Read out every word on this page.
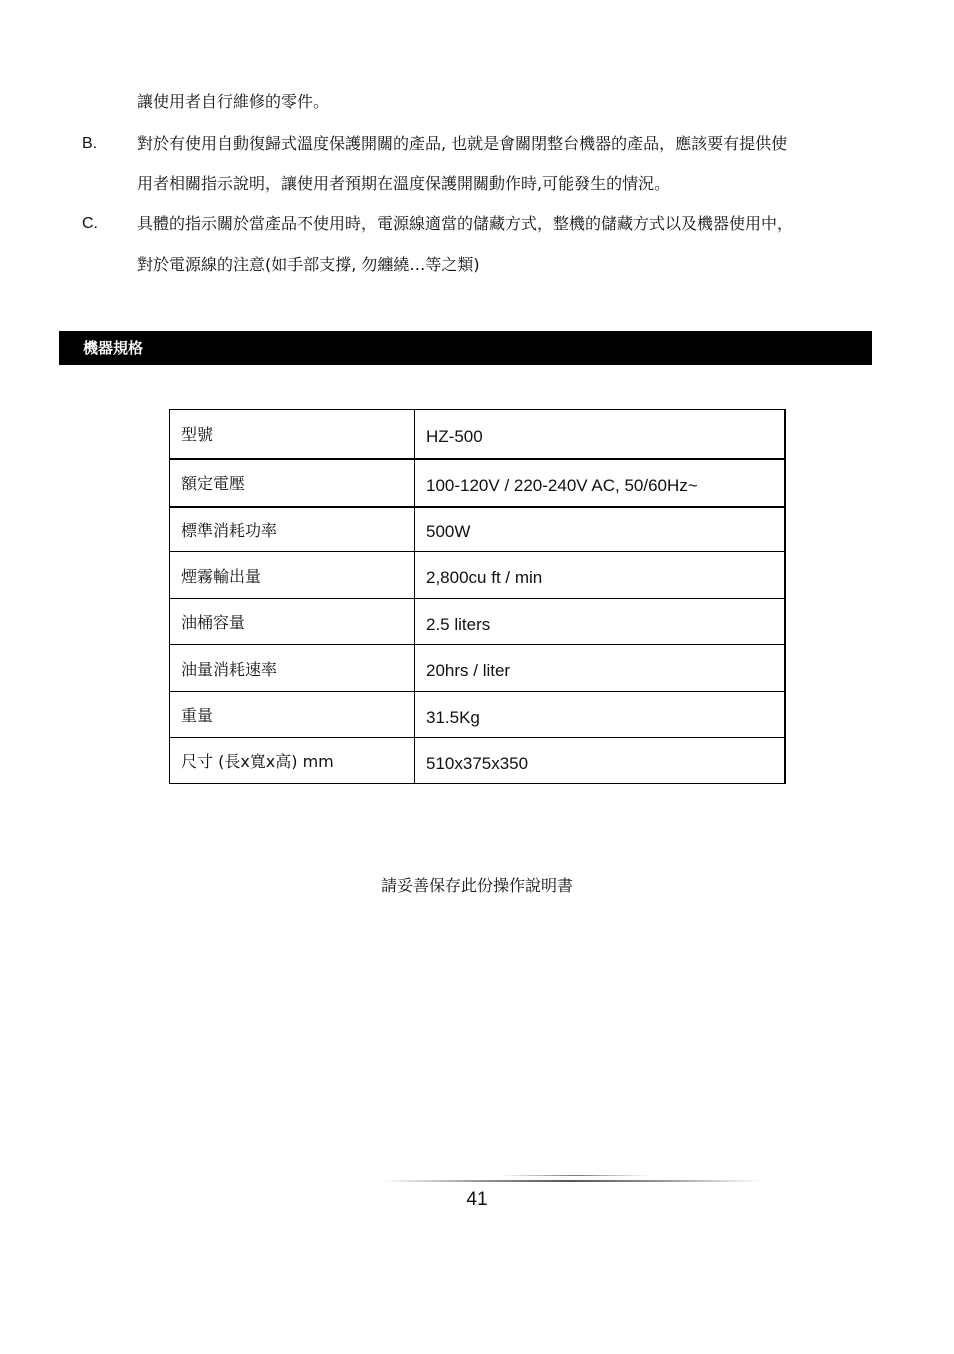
讓使用者自行維修的零件。
B. 對於有使用自動復歸式溫度保護開關的產品, 也就是會關閉整台機器的產品，應該要有提供使
用者相關指示說明，讓使用者預期在溫度保護開關動作時,可能發生的情況。
C. 具體的指示關於當產品不使用時，電源線適當的儲藏方式，整機的儲藏方式以及機器使用中，
對於電源線的注意(如手部支撐, 勿纏繞…等之類)
機器規格
型號	HZ-500
額定電壓	100-120V / 220-240V AC, 50/60Hz~
標準消耗功率	500W
煙霧輸出量	2,800cu ft / min
油桶容量	2.5 liters
油量消耗速率	20hrs / liter
重量	31.5Kg
尺寸 (長x寬x高) mm	510x375x350
請妥善保存此份操作說明書
41
